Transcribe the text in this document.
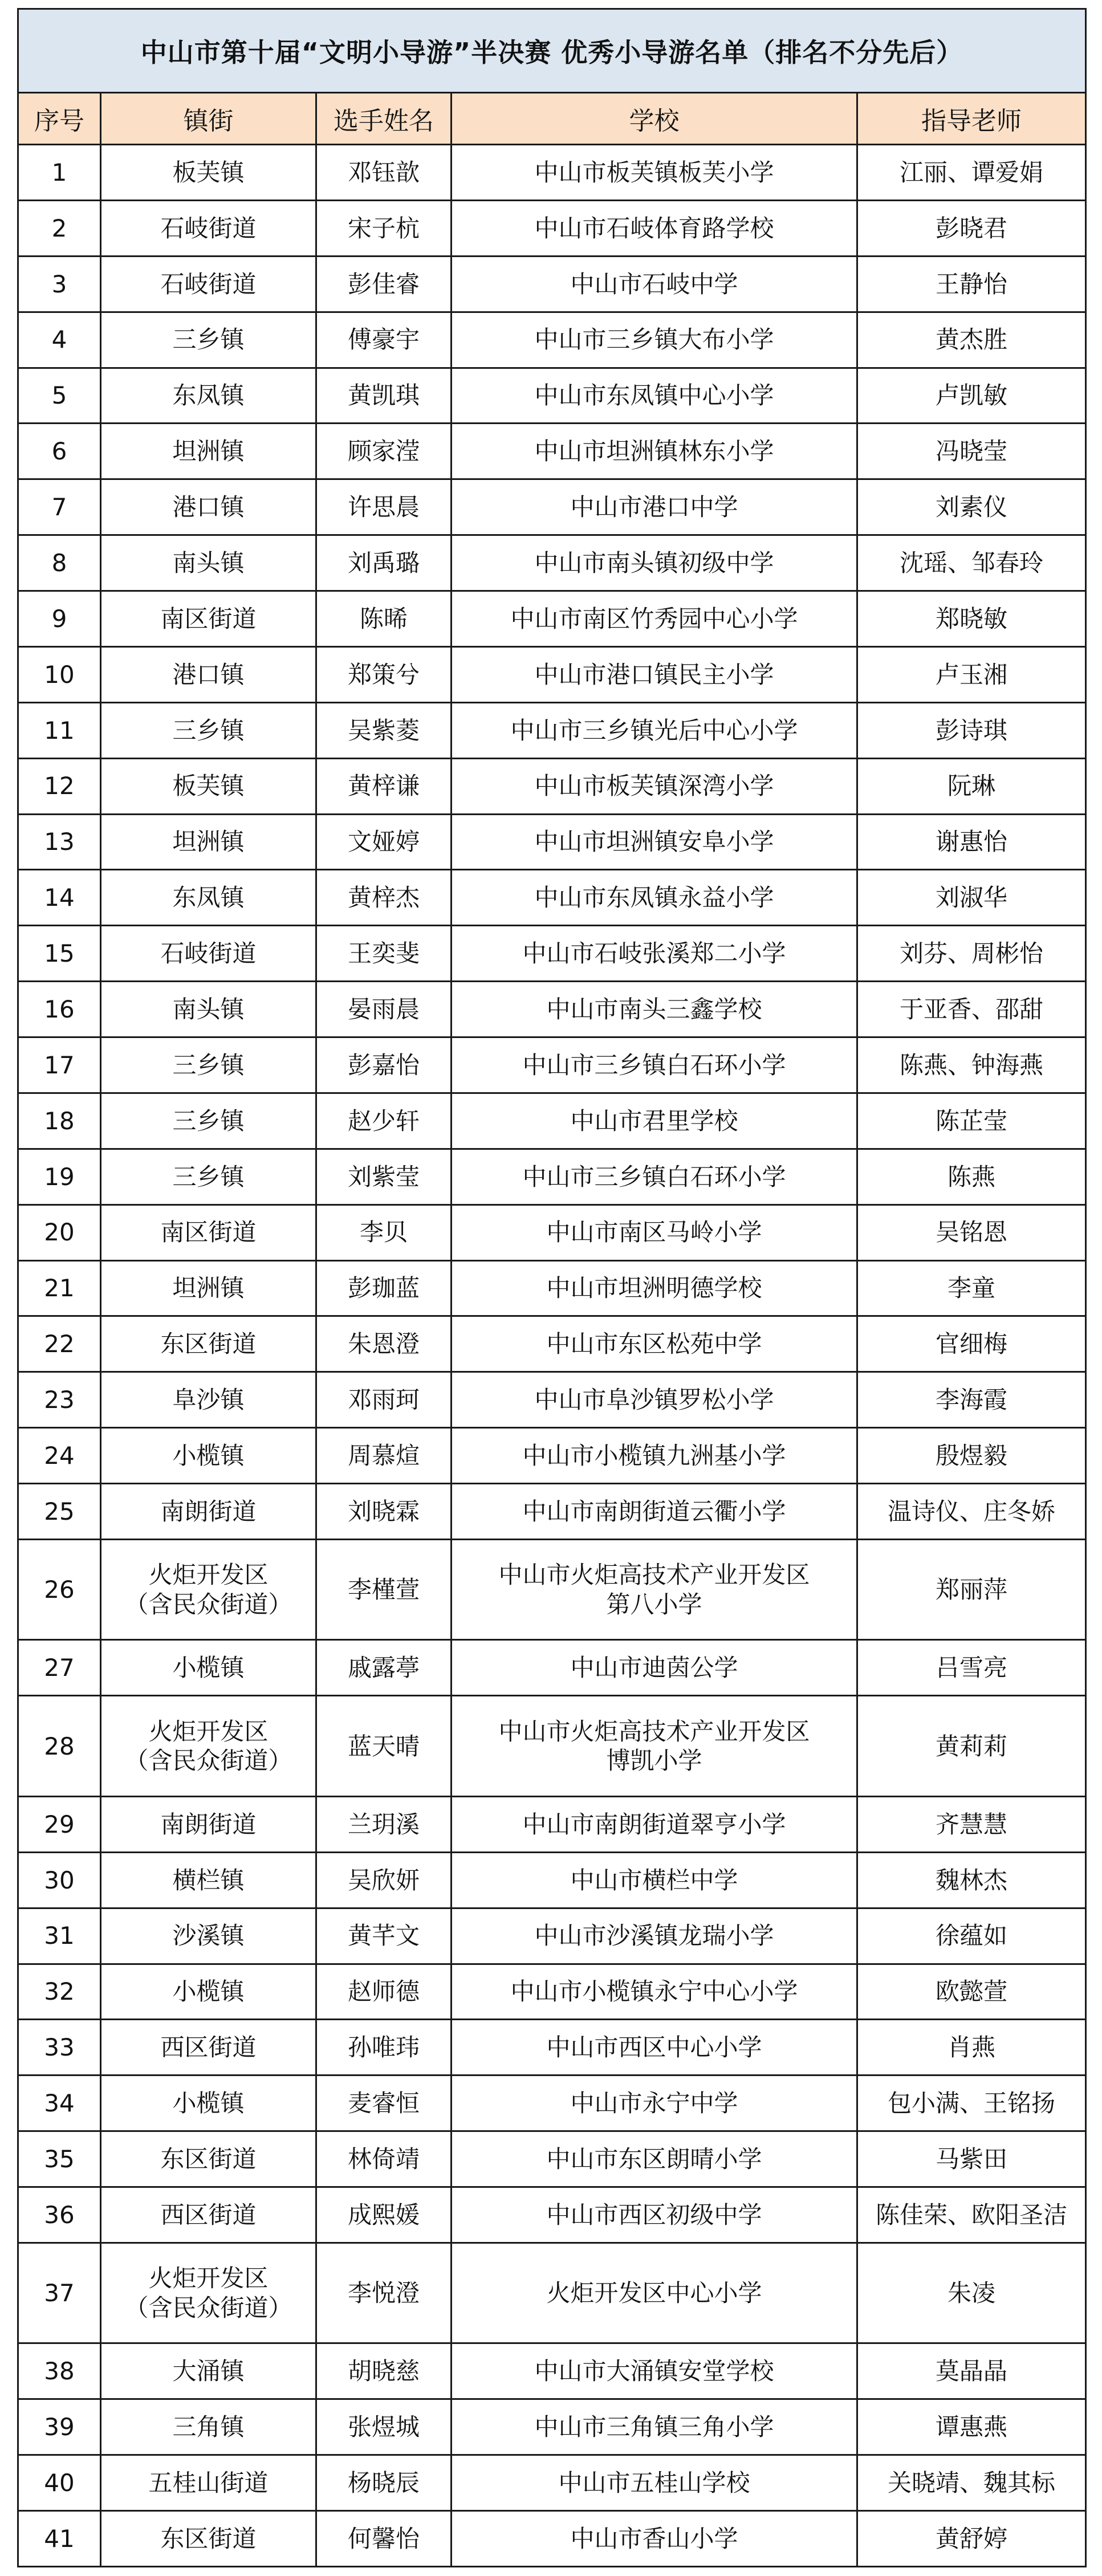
中山市第十届“文明小导游”半决赛 优秀小导游名单（排名不分先后）				
序号	镇街	选手姓名	学校	指导老师
1	板芙镇	邓钰歆	中山市板芙镇板芙小学	江丽、谭爱娟
2	石岐街道	宋子杭	中山市石岐体育路学校	彭晓君
3	石岐街道	彭佳睿	中山市石岐中学	王静怡
4	三乡镇	傅豪宇	中山市三乡镇大布小学	黄杰胜
5	东凤镇	黄凯琪	中山市东凤镇中心小学	卢凯敏
6	坦洲镇	顾家滢	中山市坦洲镇林东小学	冯晓莹
7	港口镇	许思晨	中山市港口中学	刘素仪
8	南头镇	刘禹璐	中山市南头镇初级中学	沈瑶、邹春玲
9	南区街道	陈晞	中山市南区竹秀园中心小学	郑晓敏
10	港口镇	郑策兮	中山市港口镇民主小学	卢玉湘
11	三乡镇	吴紫菱	中山市三乡镇光后中心小学	彭诗琪
12	板芙镇	黄梓谦	中山市板芙镇深湾小学	阮琳
13	坦洲镇	文娅婷	中山市坦洲镇安阜小学	谢惠怡
14	东凤镇	黄梓杰	中山市东凤镇永益小学	刘淑华
15	石岐街道	王奕斐	中山市石岐张溪郑二小学	刘芬、周彬怡
16	南头镇	晏雨晨	中山市南头三鑫学校	于亚香、邵甜
17	三乡镇	彭嘉怡	中山市三乡镇白石环小学	陈燕、钟海燕
18	三乡镇	赵少轩	中山市君里学校	陈芷莹
19	三乡镇	刘紫莹	中山市三乡镇白石环小学	陈燕
20	南区街道	李贝	中山市南区马岭小学	吴铭恩
21	坦洲镇	彭珈蓝	中山市坦洲明德学校	李童
22	东区街道	朱恩澄	中山市东区松苑中学	官细梅
23	阜沙镇	邓雨珂	中山市阜沙镇罗松小学	李海霞
24	小榄镇	周慕煊	中山市小榄镇九洲基小学	殷煜毅
25	南朗街道	刘晓霖	中山市南朗街道云衢小学	温诗仪、庄冬娇
26	火炬开发区
（含民众街道）	李槿萱	中山市火炬高技术产业开发区
第八小学	郑丽萍
27	小榄镇	戚露葶	中山市迪茵公学	吕雪亮
28	火炬开发区
（含民众街道）	蓝天晴	中山市火炬高技术产业开发区
博凯小学	黄莉莉
29	南朗街道	兰玥溪	中山市南朗街道翠亨小学	齐慧慧
30	横栏镇	吴欣妍	中山市横栏中学	魏林杰
31	沙溪镇	黄芊文	中山市沙溪镇龙瑞小学	徐蕴如
32	小榄镇	赵师德	中山市小榄镇永宁中心小学	欧懿萱
33	西区街道	孙唯玮	中山市西区中心小学	肖燕
34	小榄镇	麦睿恒	中山市永宁中学	包小满、王铭扬
35	东区街道	林倚靖	中山市东区朗晴小学	马紫田
36	西区街道	成熙媛	中山市西区初级中学	陈佳荣、欧阳圣洁
37	火炬开发区
（含民众街道）	李悦澄	火炬开发区中心小学	朱凌
38	大涌镇	胡晓慈	中山市大涌镇安堂学校	莫晶晶
39	三角镇	张煜城	中山市三角镇三角小学	谭惠燕
40	五桂山街道	杨晓辰	中山市五桂山学校	关晓靖、魏其标
41	东区街道	何馨怡	中山市香山小学	黄舒婷
